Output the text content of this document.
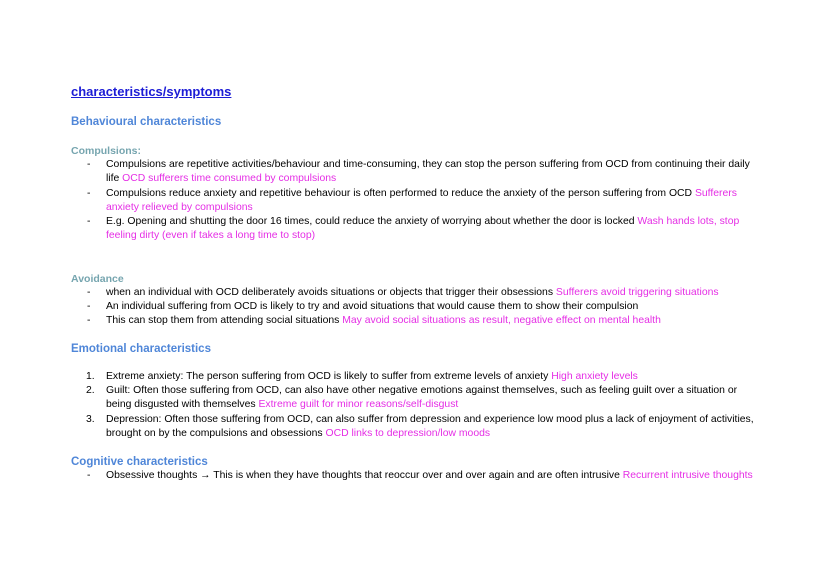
characteristics/symptoms
Behavioural characteristics
Compulsions:
- Compulsions are repetitive activities/behaviour and time-consuming, they can stop the person suffering from OCD from continuing their daily life OCD sufferers time consumed by compulsions
- Compulsions reduce anxiety and repetitive behaviour is often performed to reduce the anxiety of the person suffering from OCD Sufferers anxiety relieved by compulsions
- E.g. Opening and shutting the door 16 times, could reduce the anxiety of worrying about whether the door is locked Wash hands lots, stop feeling dirty (even if takes a long time to stop)
Avoidance
- when an individual with OCD deliberately avoids situations or objects that trigger their obsessions Sufferers avoid triggering situations
- An individual suffering from OCD is likely to try and avoid situations that would cause them to show their compulsion
- This can stop them from attending social situations May avoid social situations as result, negative effect on mental health
Emotional characteristics
1. Extreme anxiety: The person suffering from OCD is likely to suffer from extreme levels of anxiety High anxiety levels
2. Guilt: Often those suffering from OCD, can also have other negative emotions against themselves, such as feeling guilt over a situation or being disgusted with themselves Extreme guilt for minor reasons/self-disgust
3. Depression: Often those suffering from OCD, can also suffer from depression and experience low mood plus a lack of enjoyment of activities, brought on by the compulsions and obsessions OCD links to depression/low moods
Cognitive characteristics
- Obsessive thoughts → This is when they have thoughts that reoccur over and over again and are often intrusive Recurrent intrusive thoughts
